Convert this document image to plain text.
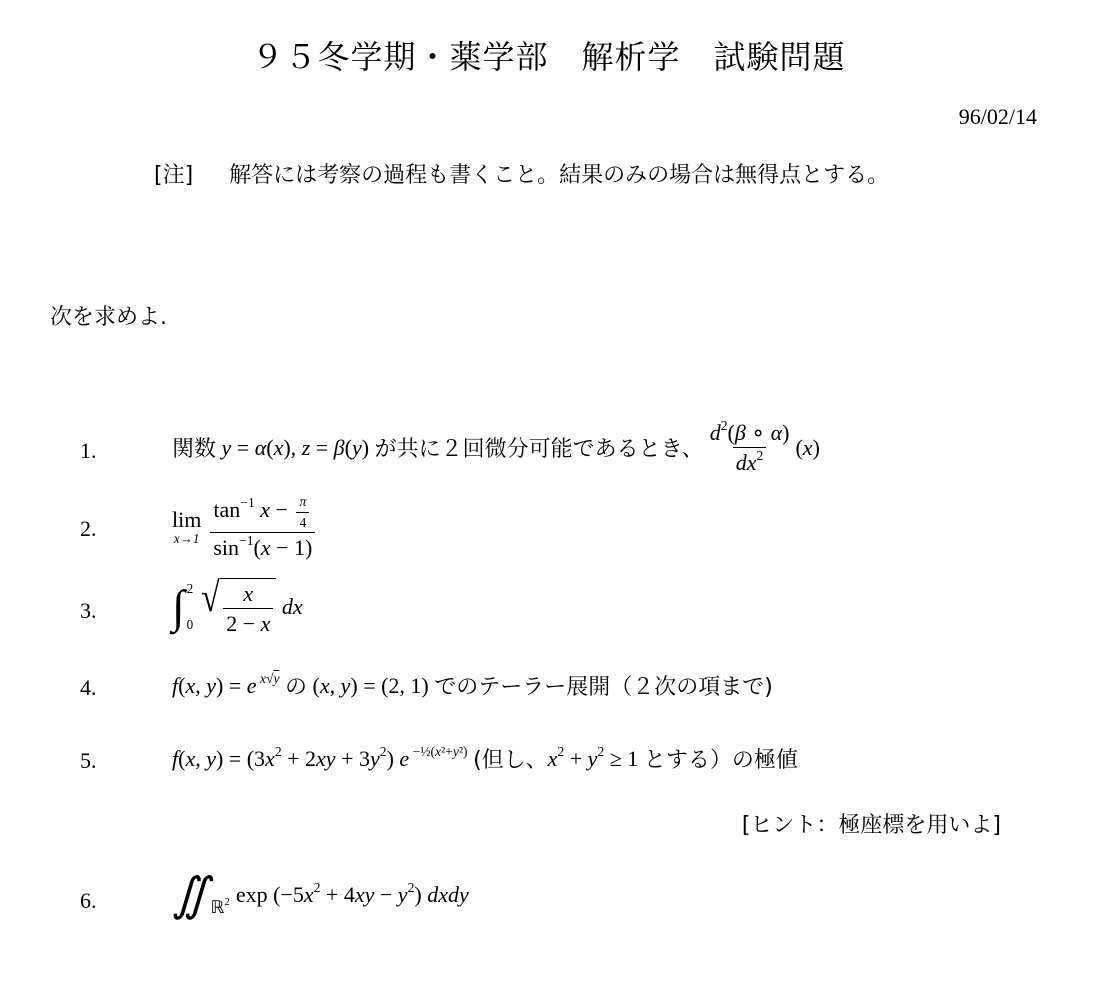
９５冬学期・薬学部　解析学　試験問題
96/02/14
[注] 解答には考察の過程も書くこと。結果のみの場合は無得点とする。
次を求めよ.
1.	関数 y = α(x), z = β(y) が共に２回微分可能であるとき、 $\frac{d^2(\beta \circ \alpha)}{dx^2} (x)$
2.	lim
$x\to 1 \frac{\tan^{-1} x - \frac{\pi}{4}}{\sin^{-1}(x - 1)}$
3. ∫ 2
0
√ $\frac{x}{2 - x}$ dx
4.	f(x, y) = e $^{x√y}$ の (x, y) = (2, 1) でのテーラー展開（２次の項まで)
5.	f(x, $y) = (3x^2 + 2xy + 3y^2)$ e $^{-\frac{1}{2}(x^2+y^2)}$ (但し、 $x^2 + y^2 \ge 1$ とする）の極値
[ヒント：極座標を用いよ]
6. ∬ ℝ$^2$ $\exp (-5x^2 + 4xy - y^2)$ dxdy
